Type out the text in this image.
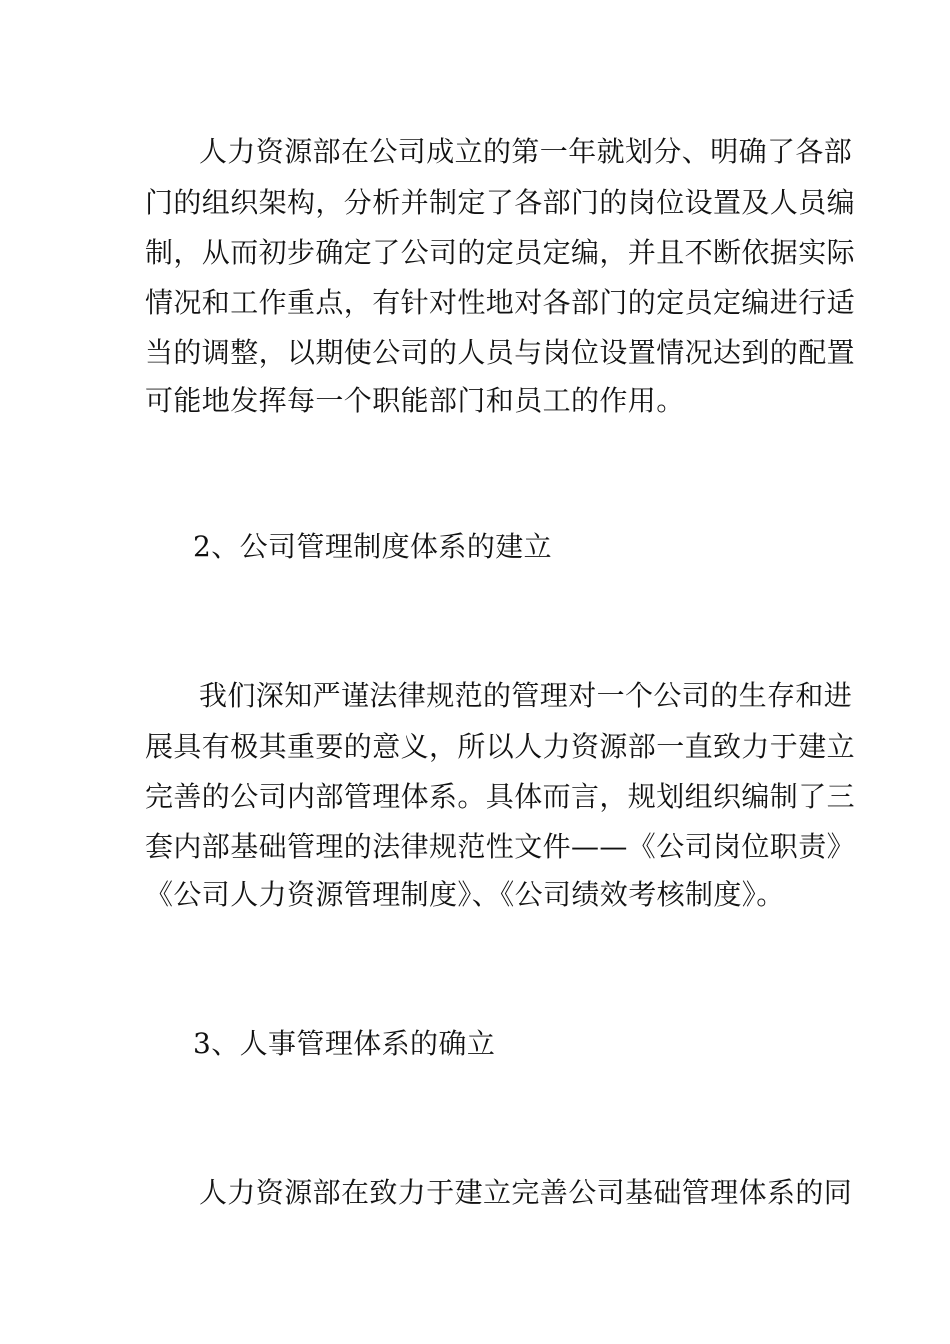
人力资源部在公司成立的第一年就划分、明确了各部
门的组织架构，分析并制定了各部门的岗位设置及人员编
制，从而初步确定了公司的定员定编，并且不断依据实际
情况和工作重点，有针对性地对各部门的定员定编进行适
当的调整，以期使公司的人员与岗位设置情况达到的配置
可能地发挥每一个职能部门和员工的作用。
2、公司管理制度体系的建立
我们深知严谨法律规范的管理对一个公司的生存和进
展具有极其重要的意义，所以人力资源部一直致力于建立
完善的公司内部管理体系。具体而言，规划组织编制了三
套内部基础管理的法律规范性文件——《公司岗位职责》
《公司人力资源管理制度》、《公司绩效考核制度》。
3、人事管理体系的确立
人力资源部在致力于建立完善公司基础管理体系的同
